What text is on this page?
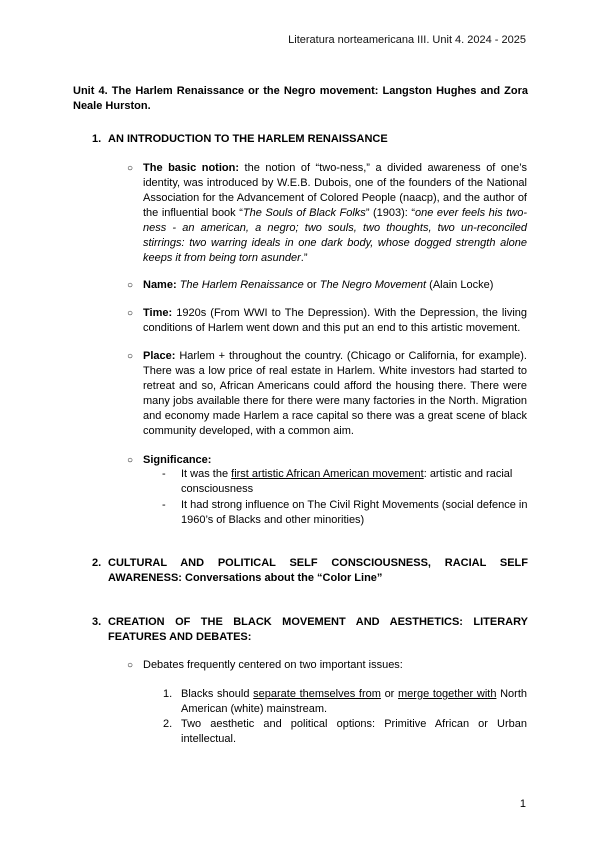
Literatura norteamericana III. Unit 4. 2024 - 2025
Unit 4. The Harlem Renaissance or the Negro movement: Langston Hughes and Zora Neale Hurston.
1. AN INTRODUCTION TO THE HARLEM RENAISSANCE
○ The basic notion: the notion of “two-ness,” a divided awareness of one’s identity, was introduced by W.E.B. Dubois, one of the founders of the National Association for the Advancement of Colored People (naacp), and the author of the influential book “The Souls of Black Folks” (1903): “one ever feels his two-ness - an american, a negro; two souls, two thoughts, two un-reconciled stirrings: two warring ideals in one dark body, whose dogged strength alone keeps it from being torn asunder.”
○ Name: The Harlem Renaissance or The Negro Movement (Alain Locke)
○ Time: 1920s (From WWI to The Depression). With the Depression, the living conditions of Harlem went down and this put an end to this artistic movement.
○ Place: Harlem + throughout the country. (Chicago or California, for example). There was a low price of real estate in Harlem. White investors had started to retreat and so, African Americans could afford the housing there. There were many jobs available there for there were many factories in the North. Migration and economy made Harlem a race capital so there was a great scene of black community developed, with a common aim.
○ Significance:
- It was the first artistic African American movement: artistic and racial consciousness
- It had strong influence on The Civil Right Movements (social defence in 1960’s of Blacks and other minorities)
2. CULTURAL AND POLITICAL SELF CONSCIOUSNESS, RACIAL SELF
AWARENESS: Conversations about the “Color Line”
3. CREATION OF THE BLACK MOVEMENT AND AESTHETICS: LITERARY
FEATURES AND DEBATES:
○ Debates frequently centered on two important issues:
1. Blacks should separate themselves from or merge together with North American (white) mainstream.
2. Two aesthetic and political options: Primitive African or Urban intellectual.
1
